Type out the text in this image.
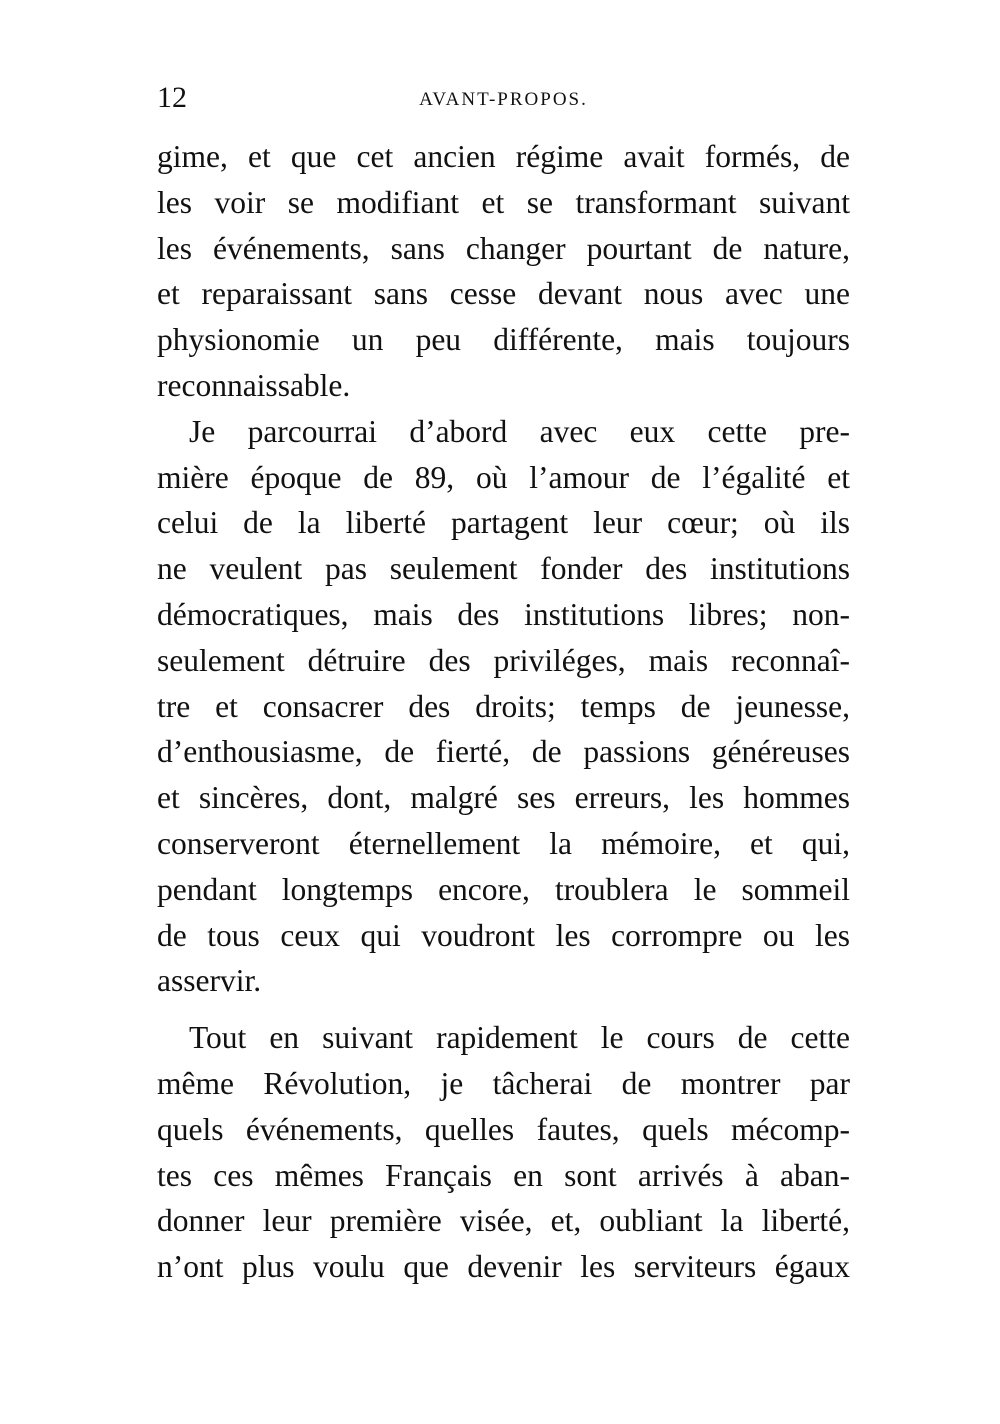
12	AVANT-PROPOS.
gime, et que cet ancien régime avait formés, de
les voir se modifiant et se transformant suivant
les événements, sans changer pourtant de nature,
et reparaissant sans cesse devant nous avec une
physionomie un peu différente, mais toujours
reconnaissable.
Je parcourrai d’abord avec eux cette pre-
mière époque de 89, où l’amour de l’égalité et
celui de la liberté partagent leur cœur; où ils
ne veulent pas seulement fonder des institutions
démocratiques, mais des institutions libres; non-
seulement détruire des priviléges, mais reconnaî-
tre et consacrer des droits; temps de jeunesse,
d’enthousiasme, de fierté, de passions généreuses
et sincères, dont, malgré ses erreurs, les hommes
conserveront éternellement la mémoire, et qui,
pendant longtemps encore, troublera le sommeil
de tous ceux qui voudront les corrompre ou les
asservir.
Tout en suivant rapidement le cours de cette
même Révolution, je tâcherai de montrer par
quels événements, quelles fautes, quels mécomp-
tes ces mêmes Français en sont arrivés à aban-
donner leur première visée, et, oubliant la liberté,
n’ont plus voulu que devenir les serviteurs égaux
